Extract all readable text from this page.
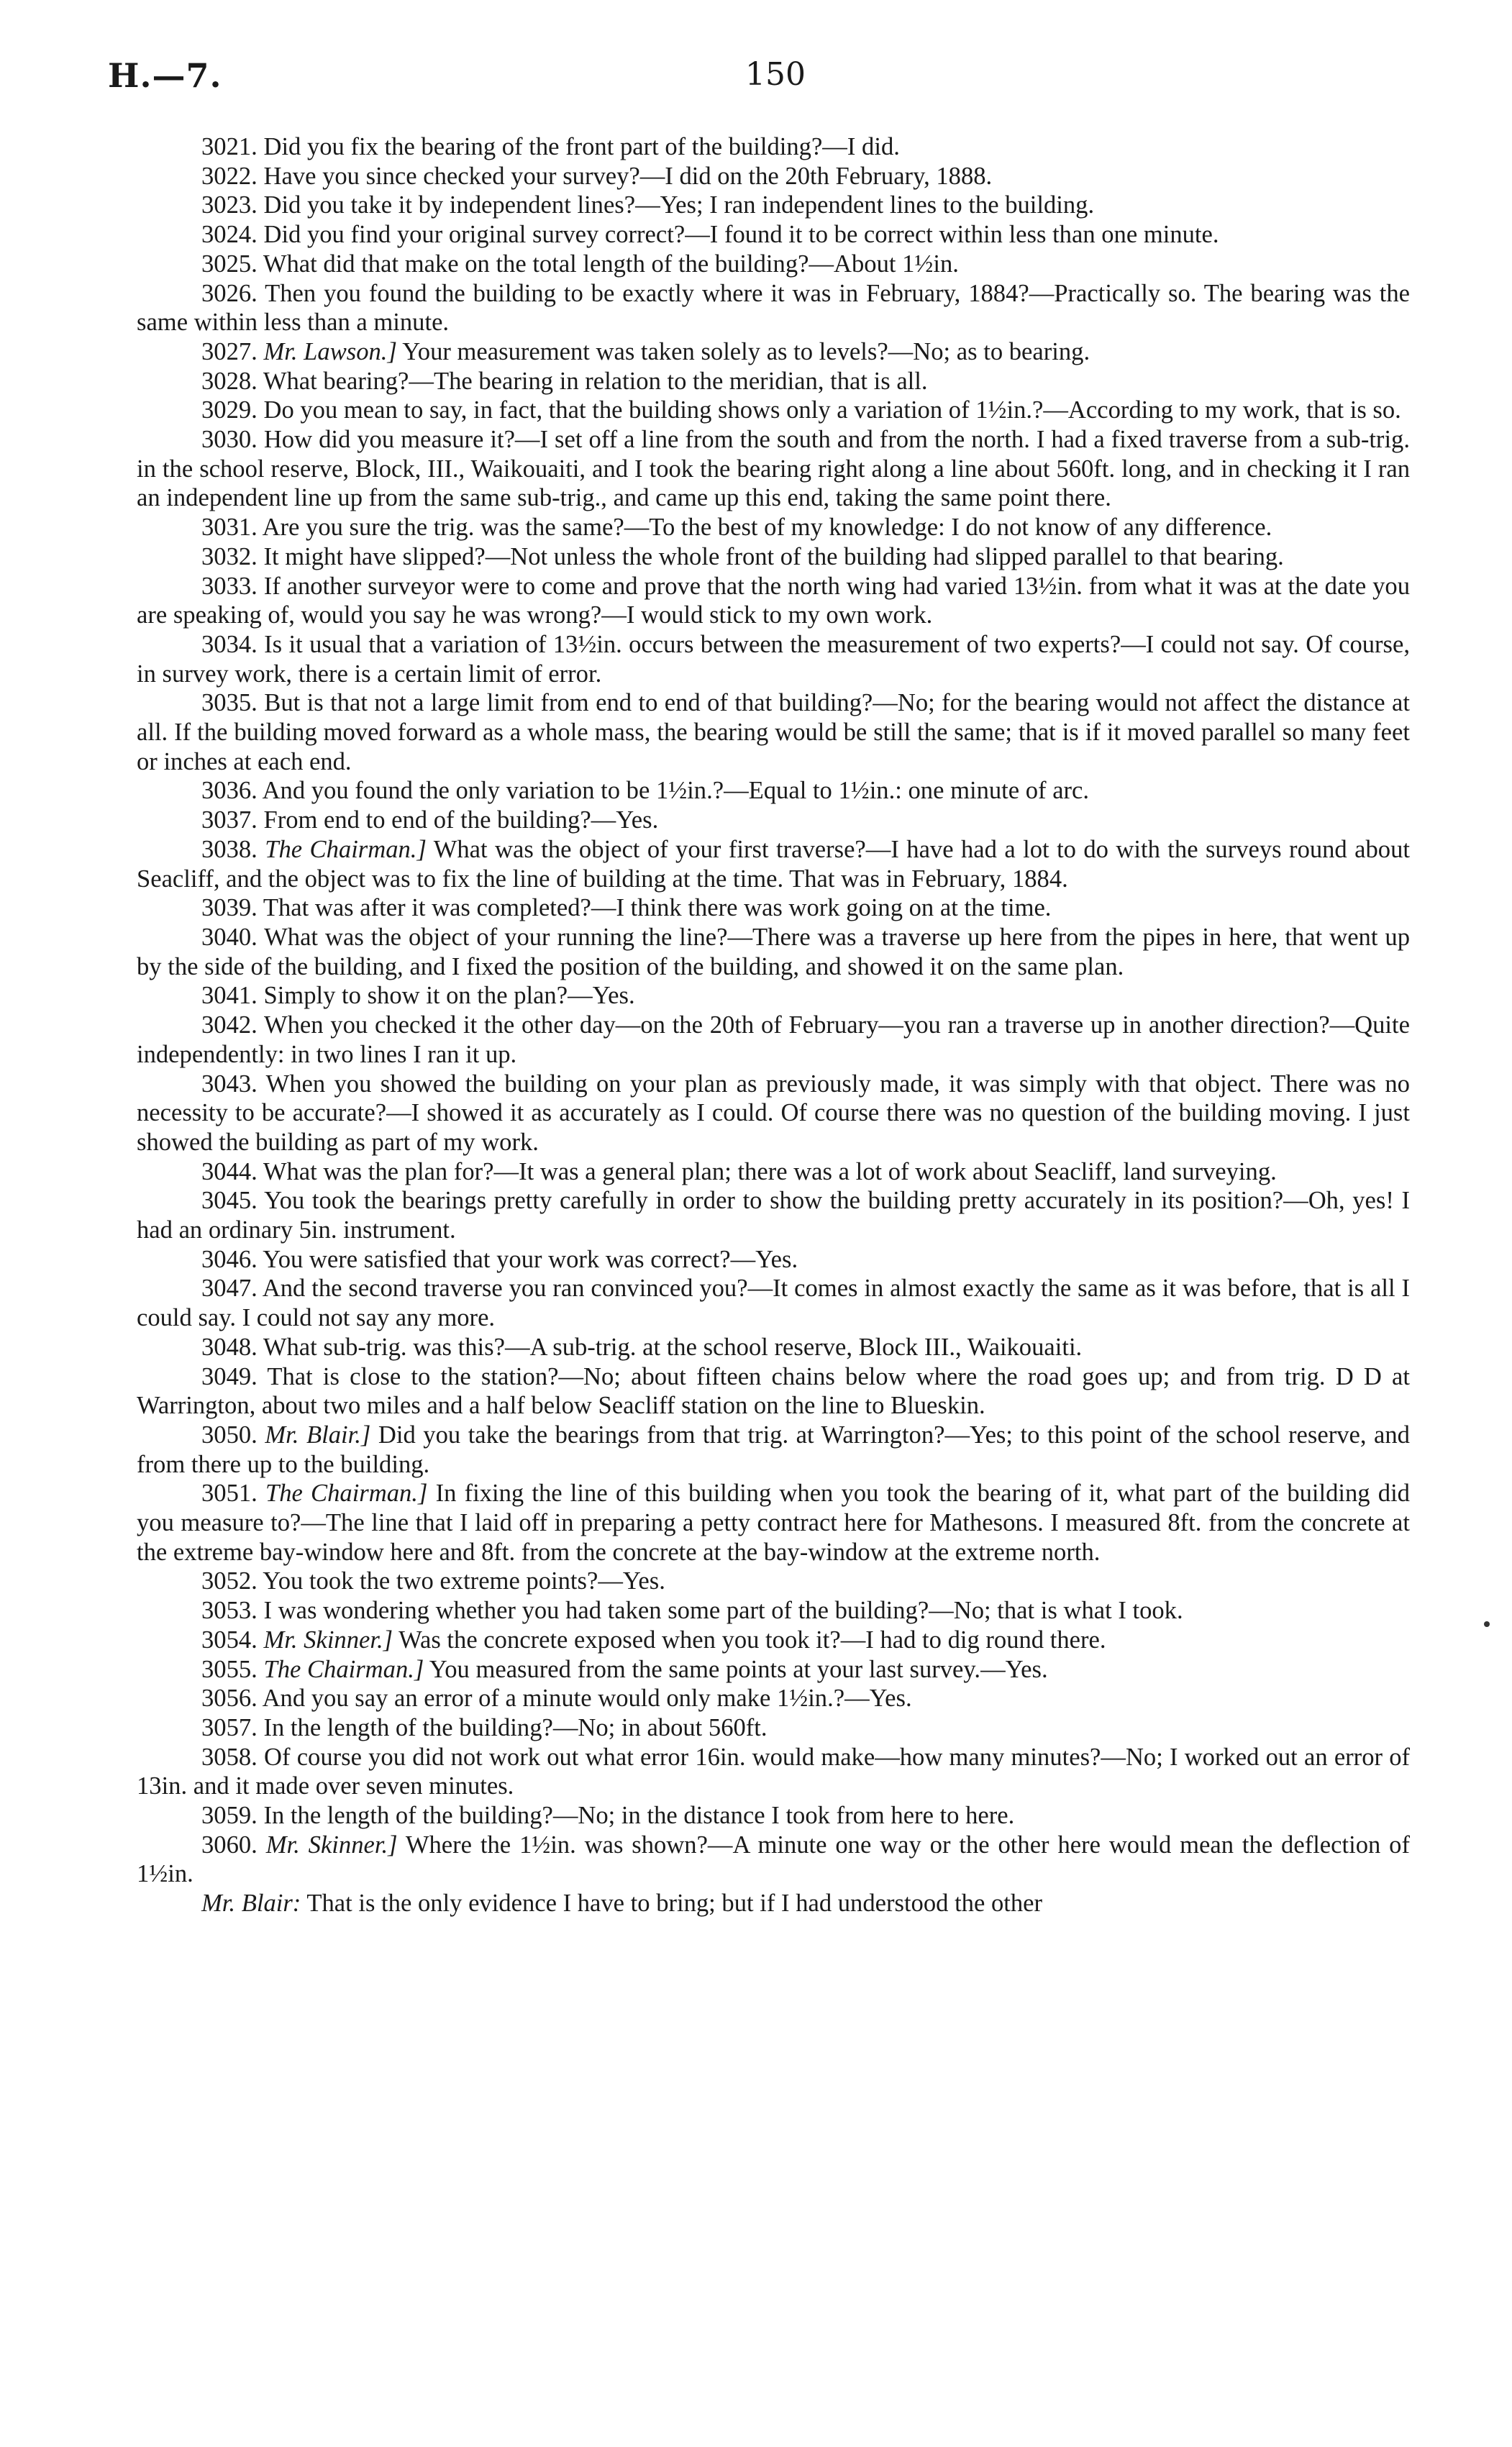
H.—7.	150

3021. Did you fix the bearing of the front part of the building?—I did.

3022. Have you since checked your survey?—I did on the 20th February, 1888.

3023. Did you take it by independent lines?—Yes; I ran independent lines to the building.

3024. Did you find your original survey correct?—I found it to be correct within less than one minute.

3025. What did that make on the total length of the building?—About 1½in.

3026. Then you found the building to be exactly where it was in February, 1884?—Practically so. The bearing was the same within less than a minute.

3027. Mr. Lawson.] Your measurement was taken solely as to levels?—No; as to bearing.

3028. What bearing?—The bearing in relation to the meridian, that is all.

3029. Do you mean to say, in fact, that the building shows only a variation of 1½in.?—According to my work, that is so.

3030. How did you measure it?—I set off a line from the south and from the north. I had a fixed traverse from a sub-trig. in the school reserve, Block, III., Waikouaiti, and I took the bearing right along a line about 560ft. long, and in checking it I ran an independent line up from the same sub-trig., and came up this end, taking the same point there.

3031. Are you sure the trig. was the same?—To the best of my knowledge: I do not know of any difference.

3032. It might have slipped?—Not unless the whole front of the building had slipped parallel to that bearing.

3033. If another surveyor were to come and prove that the north wing had varied 13½in. from what it was at the date you are speaking of, would you say he was wrong?—I would stick to my own work.

3034. Is it usual that a variation of 13½in. occurs between the measurement of two experts?—I could not say. Of course, in survey work, there is a certain limit of error.

3035. But is that not a large limit from end to end of that building?—No; for the bearing would not affect the distance at all. If the building moved forward as a whole mass, the bearing would be still the same; that is if it moved parallel so many feet or inches at each end.

3036. And you found the only variation to be 1½in.?—Equal to 1½in.: one minute of arc.

3037. From end to end of the building?—Yes.

3038. The Chairman.] What was the object of your first traverse?—I have had a lot to do with the surveys round about Seacliff, and the object was to fix the line of building at the time. That was in February, 1884.

3039. That was after it was completed?—I think there was work going on at the time.

3040. What was the object of your running the line?—There was a traverse up here from the pipes in here, that went up by the side of the building, and I fixed the position of the building, and showed it on the same plan.

3041. Simply to show it on the plan?—Yes.

3042. When you checked it the other day—on the 20th of February—you ran a traverse up in another direction?—Quite independently: in two lines I ran it up.

3043. When you showed the building on your plan as previously made, it was simply with that object. There was no necessity to be accurate?—I showed it as accurately as I could. Of course there was no question of the building moving. I just showed the building as part of my work.

3044. What was the plan for?—It was a general plan; there was a lot of work about Seacliff, land surveying.

3045. You took the bearings pretty carefully in order to show the building pretty accurately in its position?—Oh, yes! I had an ordinary 5in. instrument.

3046. You were satisfied that your work was correct?—Yes.

3047. And the second traverse you ran convinced you?—It comes in almost exactly the same as it was before, that is all I could say. I could not say any more.

3048. What sub-trig. was this?—A sub-trig. at the school reserve, Block III., Waikouaiti.

3049. That is close to the station?—No; about fifteen chains below where the road goes up; and from trig. D D at Warrington, about two miles and a half below Seacliff station on the line to Blueskin.

3050. Mr. Blair.] Did you take the bearings from that trig. at Warrington?—Yes; to this point of the school reserve, and from there up to the building.

3051. The Chairman.] In fixing the line of this building when you took the bearing of it, what part of the building did you measure to?—The line that I laid off in preparing a petty contract here for Mathesons. I measured 8ft. from the concrete at the extreme bay-window here and 8ft. from the concrete at the bay-window at the extreme north.

3052. You took the two extreme points?—Yes.

3053. I was wondering whether you had taken some part of the building?—No; that is what I took.

3054. Mr. Skinner.] Was the concrete exposed when you took it?—I had to dig round there.

3055. The Chairman.] You measured from the same points at your last survey.—Yes.

3056. And you say an error of a minute would only make 1½in.?—Yes.

3057. In the length of the building?—No; in about 560ft.

3058. Of course you did not work out what error 16in. would make—how many minutes?—No; I worked out an error of 13in. and it made over seven minutes.

3059. In the length of the building?—No; in the distance I took from here to here.

3060. Mr. Skinner.] Where the 1½in. was shown?—A minute one way or the other here would mean the deflection of 1½in.

Mr. Blair: That is the only evidence I have to bring; but if I had understood the other
